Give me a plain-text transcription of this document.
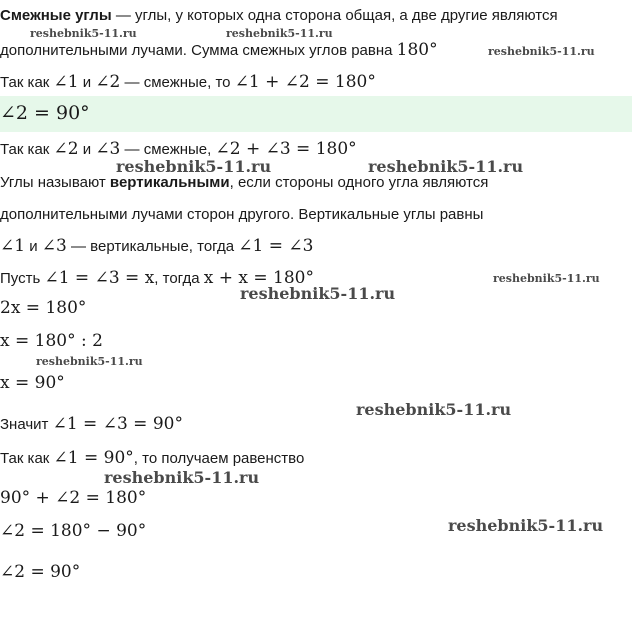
Смежные углы — углы, у которых одна сторона общая, а две другие являются
дополнительными лучами. Сумма смежных углов равна 180°
Так как ∠1 и ∠2 — смежные, то ∠1 + ∠2 = 180°
∠2 = 90°
Так как ∠2 и ∠3 — смежные, ∠2 + ∠3 = 180°
Углы называют вертикальными, если стороны одного угла являются
дополнительными лучами сторон другого. Вертикальные углы равны
∠1 и ∠3 — вертикальные, тогда ∠1 = ∠3
Пусть ∠1 = ∠3 = x, тогда x + x = 180°
2x = 180°
x = 180° : 2
x = 90°
Значит ∠1 = ∠3 = 90°
Так как ∠1 = 90°, то получаем равенство
90° + ∠2 = 180°
∠2 = 180° − 90°
∠2 = 90°
reshebnik5-11.ru	reshebnik5-11.ru
reshebnik5-11.ru
reshebnik5-11.ru	reshebnik5-11.ru
reshebnik5-11.ru
reshebnik5-11.ru
reshebnik5-11.ru
reshebnik5-11.ru
reshebnik5-11.ru
reshebnik5-11.ru
